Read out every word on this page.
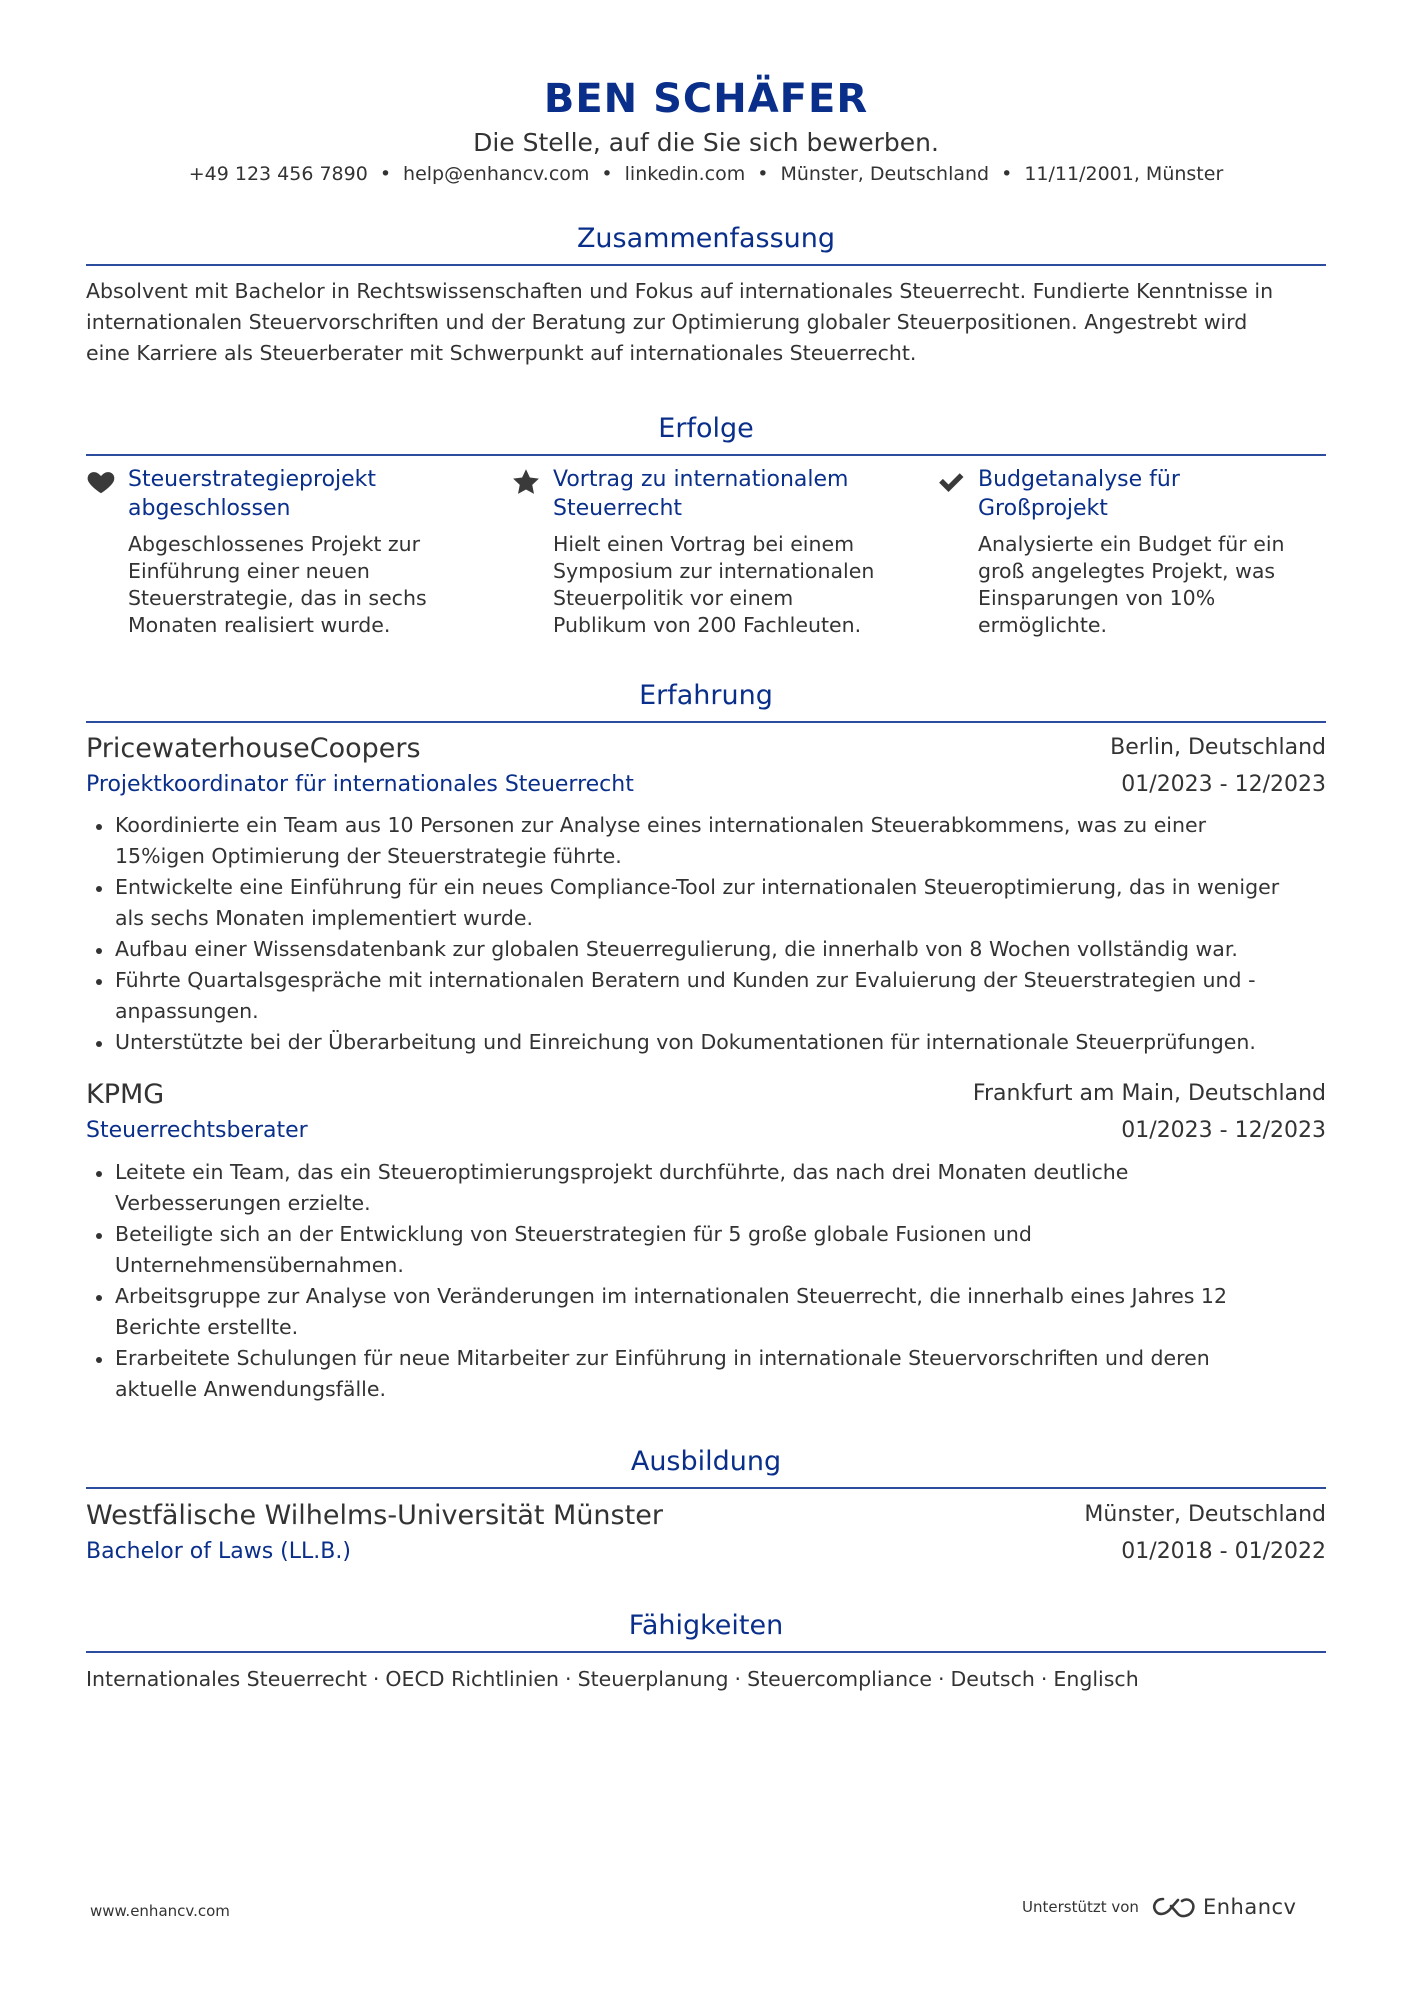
BEN SCHÄFER
Die Stelle, auf die Sie sich bewerben.
+49 123 456 7890 • help@enhancv.com • linkedin.com • Münster, Deutschland • 11/11/2001, Münster
Zusammenfassung
Absolvent mit Bachelor in Rechtswissenschaften und Fokus auf internationales Steuerrecht. Fundierte Kenntnisse in
internationalen Steuervorschriften und der Beratung zur Optimierung globaler Steuerpositionen. Angestrebt wird
eine Karriere als Steuerberater mit Schwerpunkt auf internationales Steuerrecht.
Erfolge
Steuerstrategieprojekt
abgeschlossen
Abgeschlossenes Projekt zur
Einführung einer neuen
Steuerstrategie, das in sechs
Monaten realisiert wurde.
Vortrag zu internationalem
Steuerrecht
Hielt einen Vortrag bei einem
Symposium zur internationalen
Steuerpolitik vor einem
Publikum von 200 Fachleuten.
Budgetanalyse für
Großprojekt
Analysierte ein Budget für ein
groß angelegtes Projekt, was
Einsparungen von 10%
ermöglichte.
Erfahrung
PricewaterhouseCoopers	Berlin, Deutschland
Projektkoordinator für internationales Steuerrecht	01/2023 - 12/2023
Koordinierte ein Team aus 10 Personen zur Analyse eines internationalen Steuerabkommens, was zu einer
15%igen Optimierung der Steuerstrategie führte.
Entwickelte eine Einführung für ein neues Compliance-Tool zur internationalen Steueroptimierung, das in weniger
als sechs Monaten implementiert wurde.
Aufbau einer Wissensdatenbank zur globalen Steuerregulierung, die innerhalb von 8 Wochen vollständig war.
Führte Quartalsgespräche mit internationalen Beratern und Kunden zur Evaluierung der Steuerstrategien und -
anpassungen.
Unterstützte bei der Überarbeitung und Einreichung von Dokumentationen für internationale Steuerprüfungen.
KPMG	Frankfurt am Main, Deutschland
Steuerrechtsberater	01/2023 - 12/2023
Leitete ein Team, das ein Steueroptimierungsprojekt durchführte, das nach drei Monaten deutliche
Verbesserungen erzielte.
Beteiligte sich an der Entwicklung von Steuerstrategien für 5 große globale Fusionen und
Unternehmensübernahmen.
Arbeitsgruppe zur Analyse von Veränderungen im internationalen Steuerrecht, die innerhalb eines Jahres 12
Berichte erstellte.
Erarbeitete Schulungen für neue Mitarbeiter zur Einführung in internationale Steuervorschriften und deren
aktuelle Anwendungsfälle.
Ausbildung
Westfälische Wilhelms-Universität Münster	Münster, Deutschland
Bachelor of Laws (LL.B.)	01/2018 - 01/2022
Fähigkeiten
Internationales Steuerrecht · OECD Richtlinien · Steuerplanung · Steuercompliance · Deutsch · Englisch
www.enhancv.com	Unterstützt von	Enhancv
